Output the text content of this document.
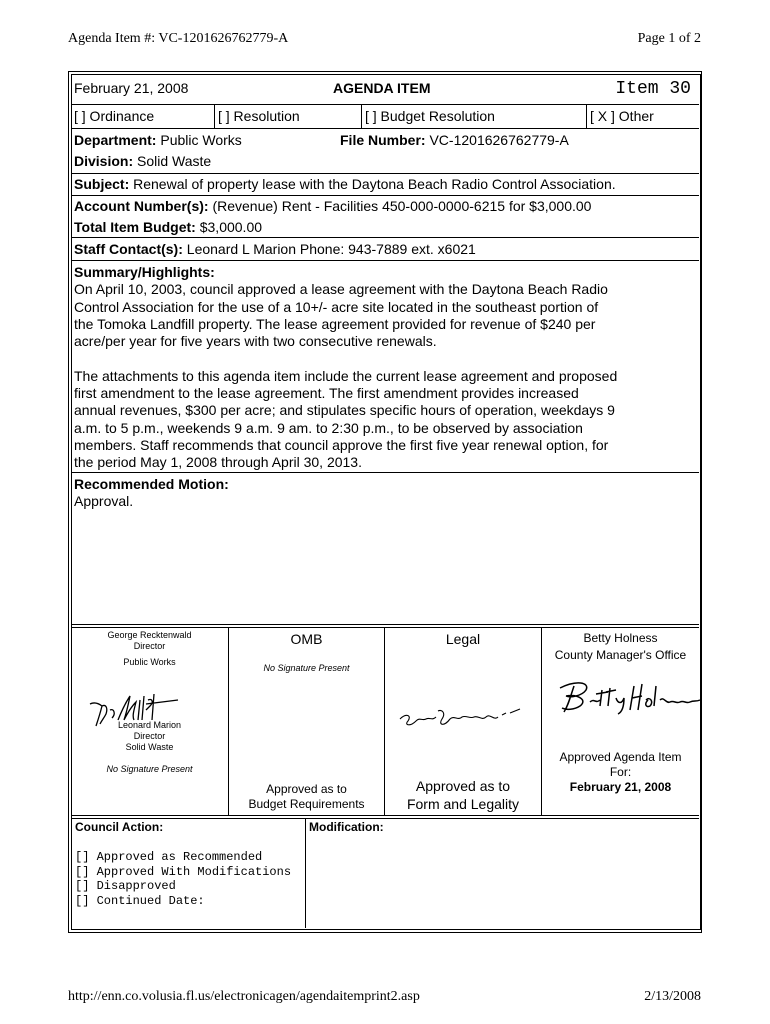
Agenda Item #: VC-1201626762779-A	Page 1 of 2
February 21, 2008	AGENDA ITEM	Item 30
[ ] Ordinance	[ ] Resolution	[ ] Budget Resolution	[ X ] Other
Department: Public Works	File Number: VC-1201626762779-A
Division: Solid Waste
Subject: Renewal of property lease with the Daytona Beach Radio Control Association.
Account Number(s): (Revenue) Rent - Facilities 450-000-0000-6215 for $3,000.00
Total Item Budget: $3,000.00
Staff Contact(s): Leonard L Marion Phone: 943-7889 ext. x6021
Summary/Highlights:
On April 10, 2003, council approved a lease agreement with the Daytona Beach Radio
Control Association for the use of a 10+/- acre site located in the southeast portion of
the Tomoka Landfill property. The lease agreement provided for revenue of $240 per
acre/per year for five years with two consecutive renewals.
The attachments to this agenda item include the current lease agreement and proposed
first amendment to the lease agreement. The first amendment provides increased
annual revenues, $300 per acre; and stipulates specific hours of operation, weekdays 9
a.m. to 5 p.m., weekends 9 a.m. 9 am. to 2:30 p.m., to be observed by association
members. Staff recommends that council approve the first five year renewal option, for
the period May 1, 2008 through April 30, 2013.
Recommended Motion:
Approval.
George Recktenwald
Director
Public Works
Leonard Marion
Director
Solid Waste
No Signature Present
OMB
No Signature Present
Approved as to
Budget Requirements
Legal
Approved as to
Form and Legality
Betty Holness
County Manager's Office
Approved Agenda Item
For:
February 21, 2008
Council Action:	Modification:
[] Approved as Recommended
[] Approved With Modifications
[] Disapproved
[] Continued Date:
http://enn.co.volusia.fl.us/electronicagen/agendaitemprint2.asp	2/13/2008
